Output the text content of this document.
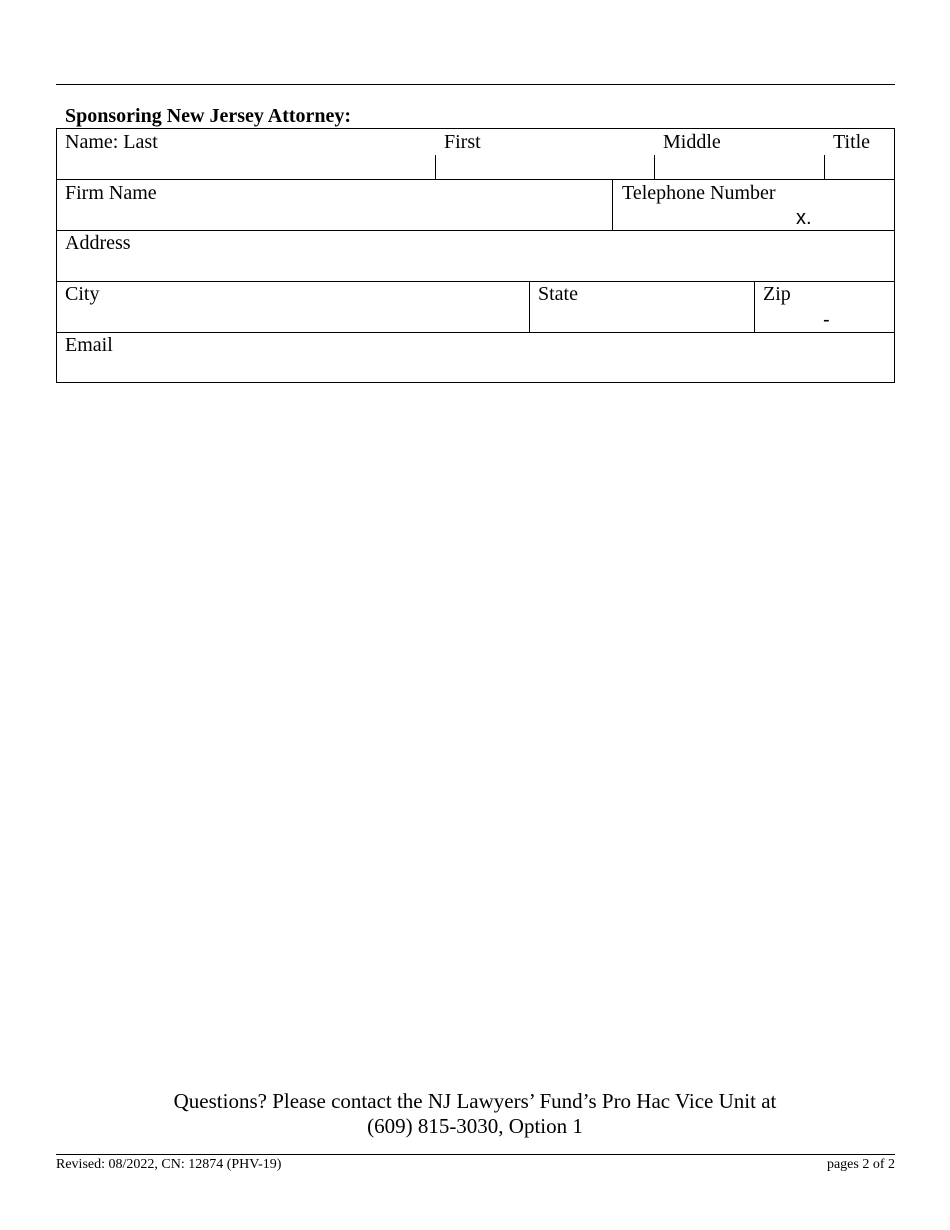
Sponsoring New Jersey Attorney:
Name: Last	First	Middle	Title
Firm Name	Telephone Number
x.
Address
City	State	Zip
-
Email
Questions? Please contact the NJ Lawyers’ Fund’s Pro Hac Vice Unit at
(609) 815-3030, Option 1
Revised: 08/2022, CN: 12874 (PHV-19)	pages 2 of 2
